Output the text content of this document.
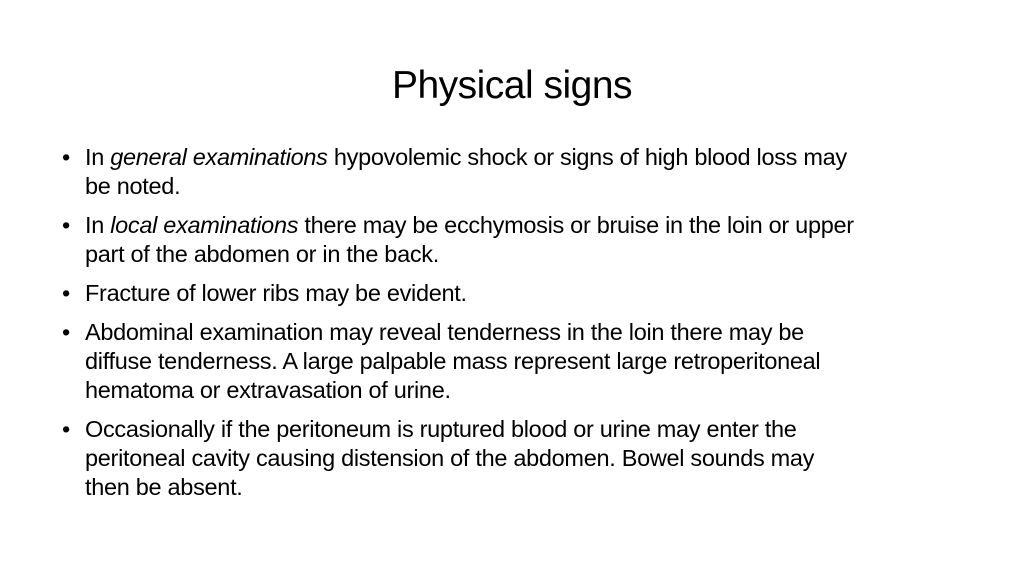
Physical signs
• In general examinations hypovolemic shock or signs of high blood loss may be noted.
• In local examinations there may be ecchymosis or bruise in the loin or upper part of the abdomen or in the back.
• Fracture of lower ribs may be evident.
• Abdominal examination may reveal tenderness in the loin there may be diffuse tenderness. A large palpable mass represent large retroperitoneal hematoma or extravasation of urine.
• Occasionally if the peritoneum is ruptured blood or urine may enter the peritoneal cavity causing distension of the abdomen. Bowel sounds may then be absent.
